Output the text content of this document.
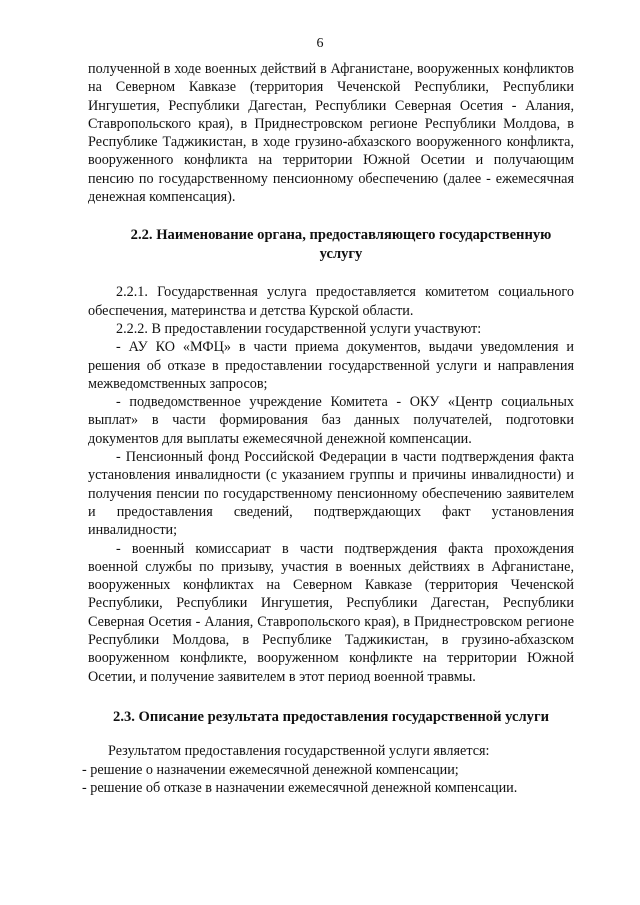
6

полученной в ходе военных действий в Афганистане, вооруженных конфликтов на Северном Кавказе (территория Чеченской Республики, Республики Ингушетия, Республики Дагестан, Республики Северная Осетия - Алания, Ставропольского края), в Приднестровском регионе Республики Молдова, в Республике Таджикистан, в ходе грузино-абхазского вооруженного конфликта, вооруженного конфликта на территории Южной Осетии и получающим пенсию по государственному пенсионному обеспечению (далее - ежемесячная денежная компенсация).

2.2. Наименование органа, предоставляющего государственную услугу

2.2.1. Государственная услуга предоставляется комитетом социального обеспечения, материнства и детства Курской области.

2.2.2. В предоставлении государственной услуги участвуют:

- АУ КО «МФЦ» в части приема документов, выдачи уведомления и решения об отказе в предоставлении государственной услуги и направления межведомственных запросов;

- подведомственное учреждение Комитета - ОКУ «Центр социальных выплат» в части формирования баз данных получателей, подготовки документов для выплаты ежемесячной денежной компенсации.

- Пенсионный фонд Российской Федерации в части подтверждения факта установления инвалидности (с указанием группы и причины инвалидности) и получения пенсии по государственному пенсионному обеспечению заявителем и предоставления сведений, подтверждающих факт установления инвалидности;

- военный комиссариат в части подтверждения факта прохождения военной службы по призыву, участия в военных действиях в Афганистане, вооруженных конфликтах на Северном Кавказе (территория Чеченской Республики, Республики Ингушетия, Республики Дагестан, Республики Северная Осетия - Алания, Ставропольского края), в Приднестровском регионе Республики Молдова, в Республике Таджикистан, в грузино-абхазском вооруженном конфликте, вооруженном конфликте на территории Южной Осетии, и получение заявителем в этот период военной травмы.

2.3. Описание результата предоставления государственной услуги

Результатом предоставления государственной услуги является:

- решение о назначении ежемесячной денежной компенсации;

- решение об отказе в назначении ежемесячной денежной компенсации.
